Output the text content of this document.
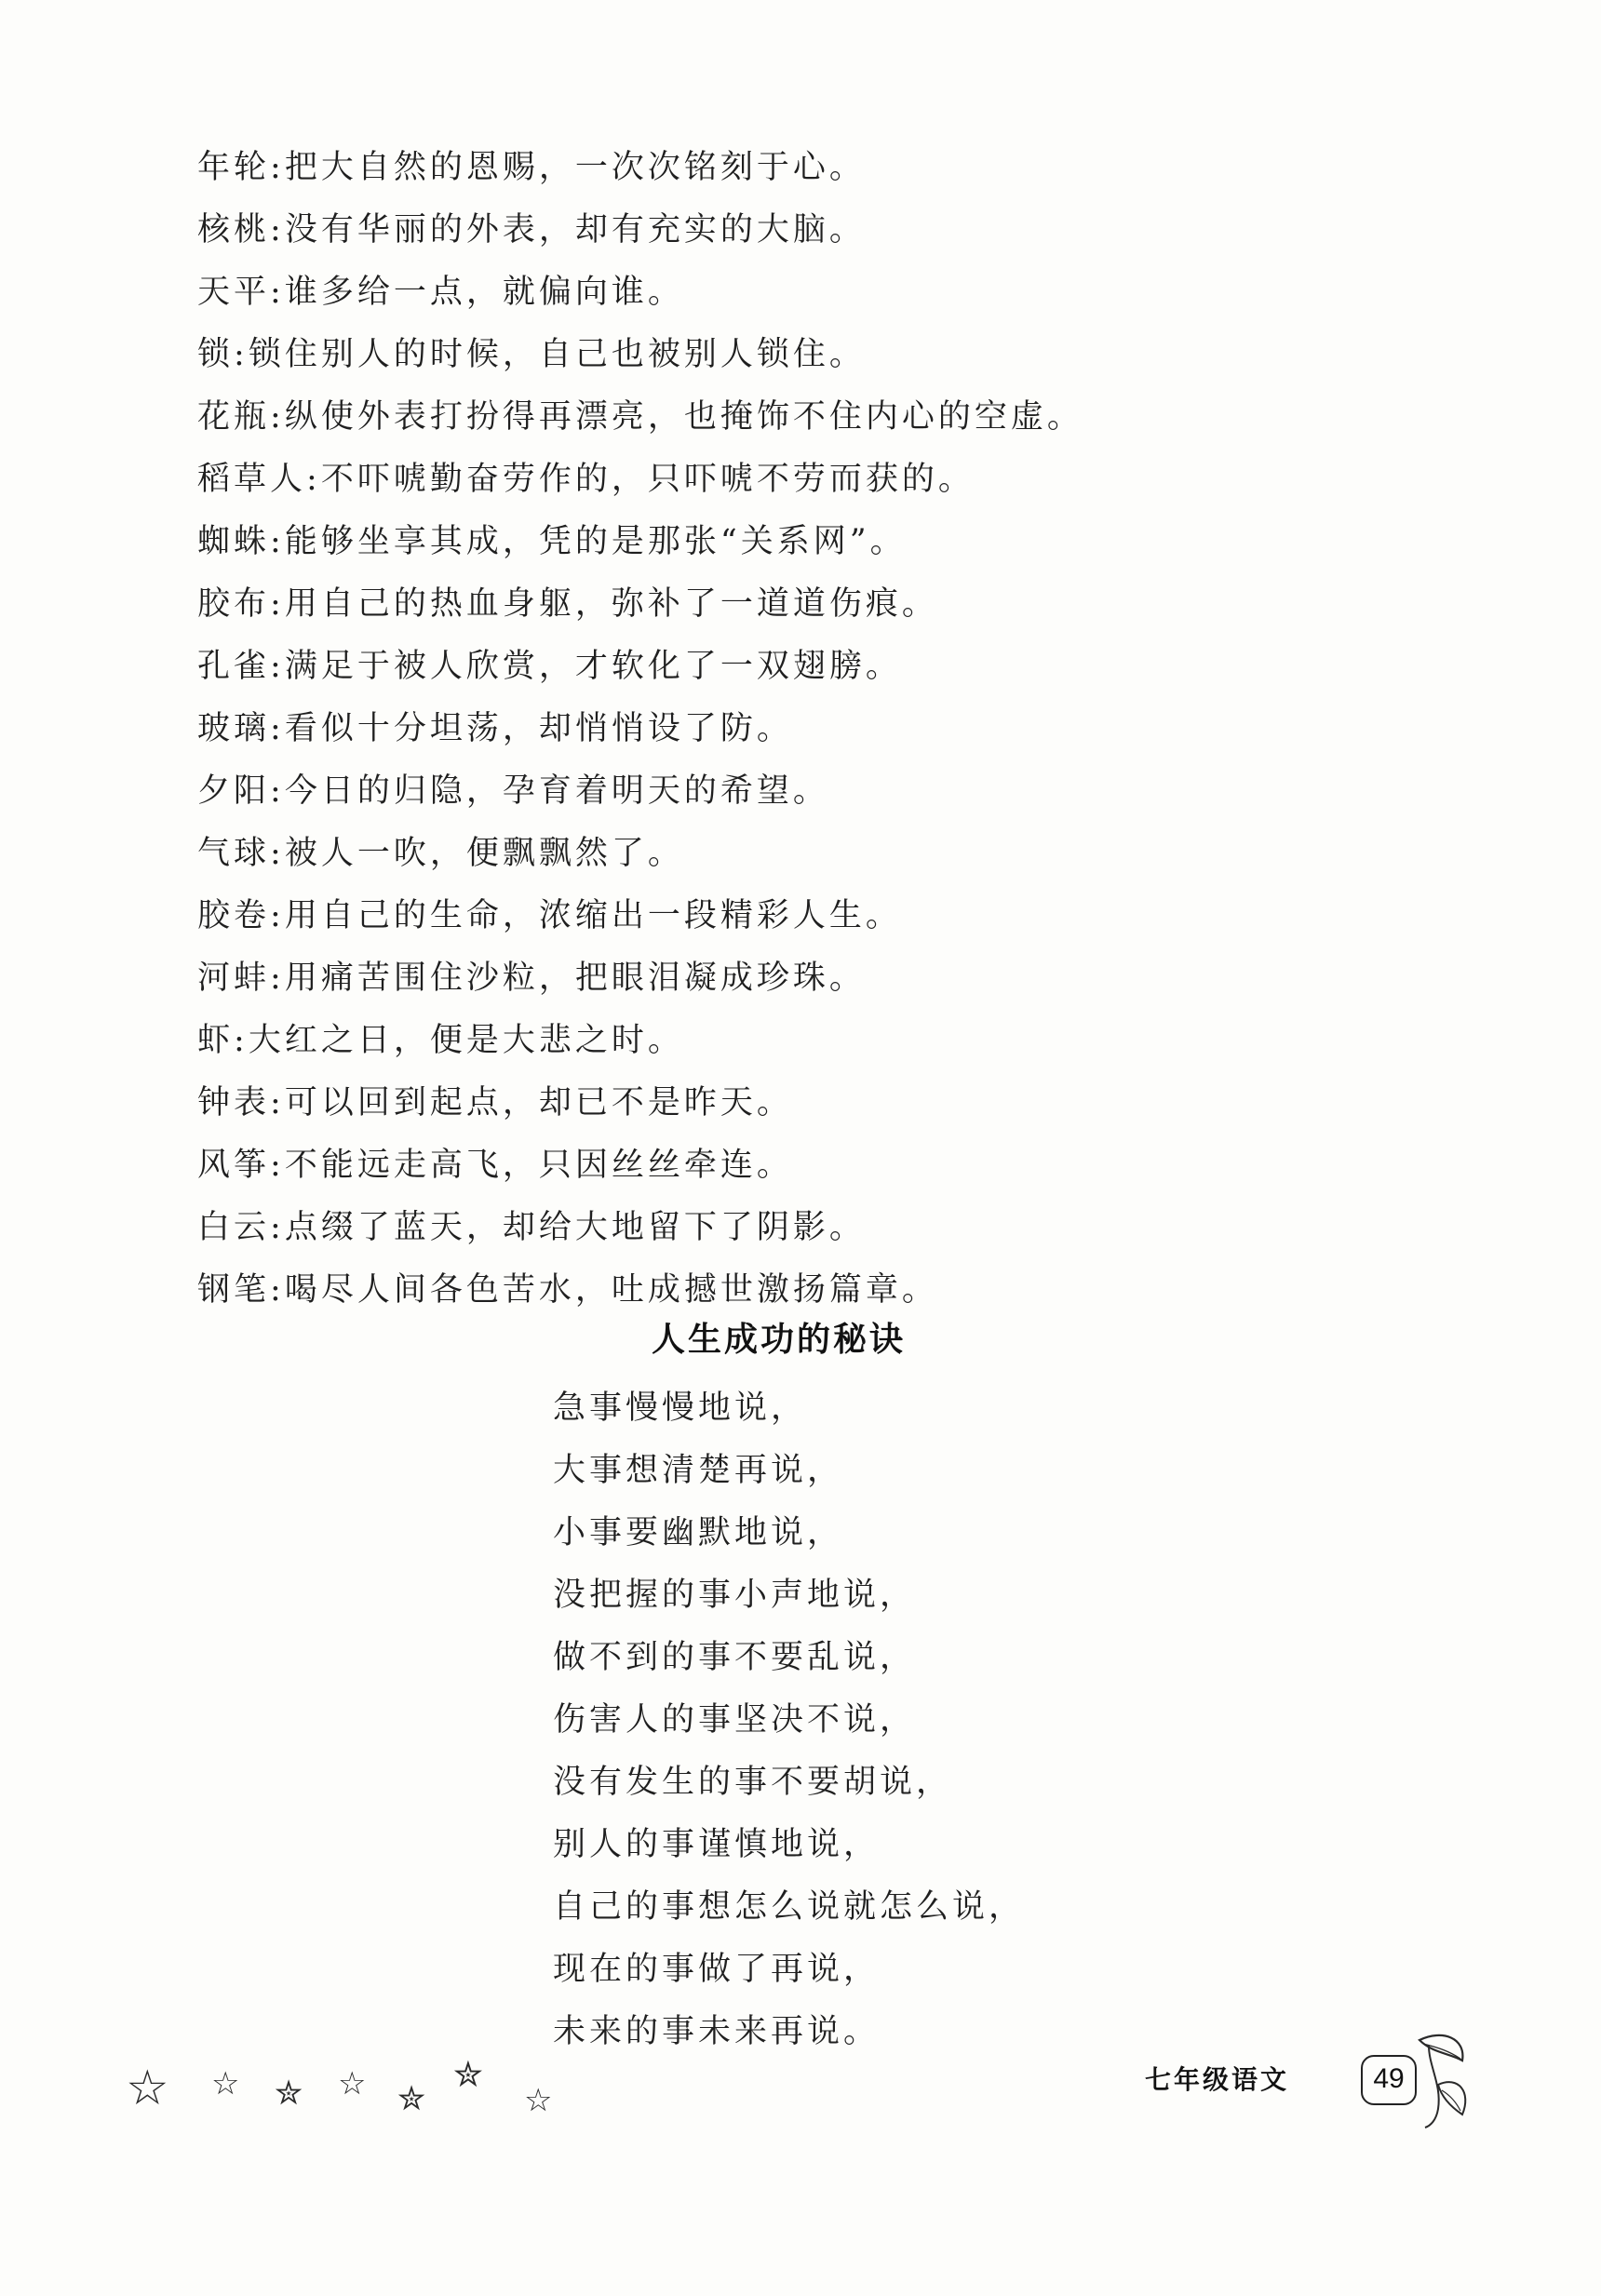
年轮 : 把大自然的恩赐，一次次铭刻于心。
核桃 : 没有华丽的外表，却有充实的大脑。
天平 : 谁多给一点，就偏向谁。
锁 : 锁住别人的时候，自己也被别人锁住。
花瓶 : 纵使外表打扮得再漂亮，也掩饰不住内心的空虚。
稻草人 : 不吓唬勤奋劳作的，只吓唬不劳而获的。
蜘蛛 : 能够坐享其成，凭的是那张“关系网”。
胶布 : 用自己的热血身躯，弥补了一道道伤痕。
孔雀 : 满足于被人欣赏，才软化了一双翅膀。
玻璃 : 看似十分坦荡，却悄悄设了防。
夕阳 : 今日的归隐，孕育着明天的希望。
气球 : 被人一吹，便飘飘然了。
胶卷 : 用自己的生命，浓缩出一段精彩人生。
河蚌 : 用痛苦围住沙粒，把眼泪凝成珍珠。
虾 : 大红之日，便是大悲之时。
钟表 : 可以回到起点，却已不是昨天。
风筝 : 不能远走高飞，只因丝丝牵连。
白云 : 点缀了蓝天，却给大地留下了阴影。
钢笔 : 喝尽人间各色苦水，吐成撼世激扬篇章。
人生成功的秘诀
急事慢慢地说，
大事想清楚再说，
小事要幽默地说，
没把握的事小声地说，
做不到的事不要乱说，
伤害人的事坚决不说，
没有发生的事不要胡说，
别人的事谨慎地说，
自己的事想怎么说就怎么说，
现在的事做了再说，
未来的事未来再说。
☆ ☆ ✮ ☆ ✮
✮
☆
七年级语文	49
